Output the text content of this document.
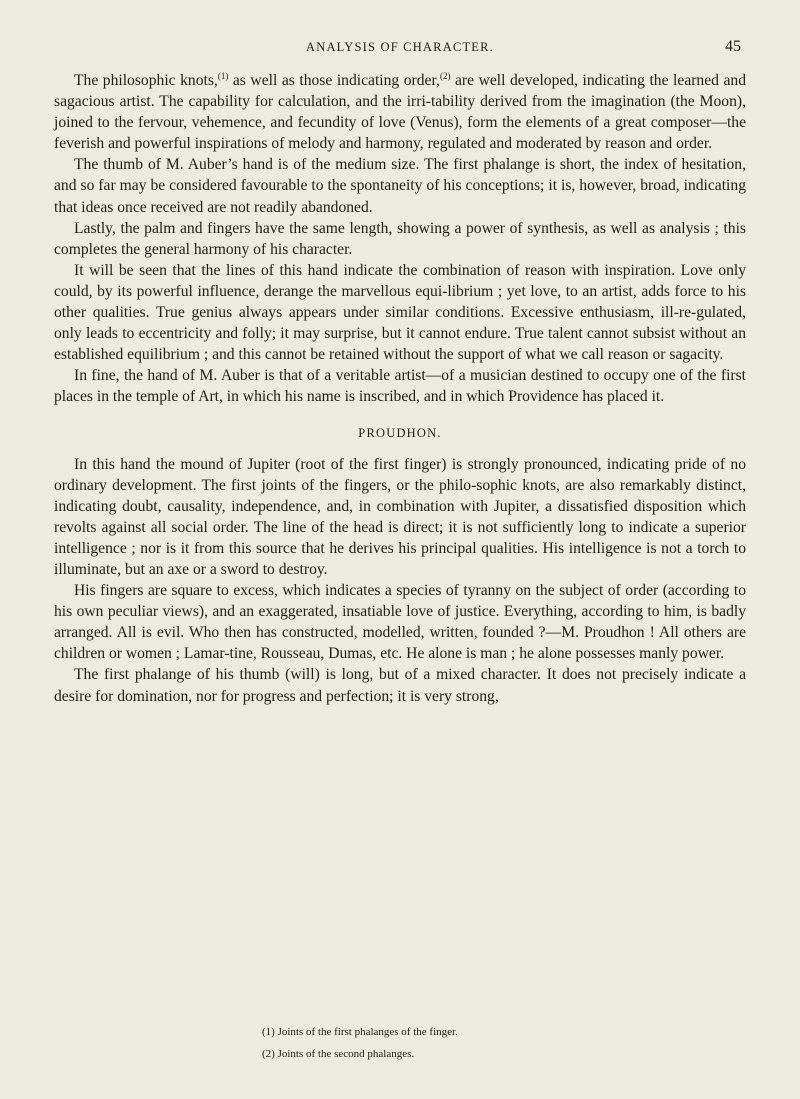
ANALYSIS OF CHARACTER.	45

The philosophic knots,$^{(1)}$ as well as those indicating order,$^{(2)}$ are well developed, indicating the learned and sagacious artist. The capability for calculation, and the irri-tability derived from the imagination (the Moon), joined to the fervour, vehemence, and fecundity of love (Venus), form the elements of a great composer—the feverish and powerful inspirations of melody and harmony, regulated and moderated by reason and order.

The thumb of M. Auber’s hand is of the medium size. The first phalange is short, the index of hesitation, and so far may be considered favourable to the spontaneity of his conceptions; it is, however, broad, indicating that ideas once received are not readily abandoned.

Lastly, the palm and fingers have the same length, showing a power of synthesis, as well as analysis ; this completes the general harmony of his character.

It will be seen that the lines of this hand indicate the combination of reason with inspiration. Love only could, by its powerful influence, derange the marvellous equi-librium ; yet love, to an artist, adds force to his other qualities. True genius always appears under similar conditions. Excessive enthusiasm, ill-re-gulated, only leads to eccentricity and folly; it may surprise, but it cannot endure. True talent cannot subsist without an established equilibrium ; and this cannot be retained without the support of what we call reason or sagacity.

In fine, the hand of M. Auber is that of a veritable artist—of a musician destined to occupy one of the first places in the temple of Art, in which his name is inscribed, and in which Providence has placed it.

PROUDHON.

In this hand the mound of Jupiter (root of the first finger) is strongly pronounced, indicating pride of no ordinary development. The first joints of the fingers, or the philo-sophic knots, are also remarkably distinct, indicating doubt, causality, independence, and, in combination with Jupiter, a dissatisfied disposition which revolts against all social order. The line of the head is direct; it is not sufficiently long to indicate a superior intelligence ; nor is it from this source that he derives his principal qualities. His intelligence is not a torch to illuminate, but an axe or a sword to destroy.

His fingers are square to excess, which indicates a species of tyranny on the subject of order (according to his own peculiar views), and an exaggerated, insatiable love of justice. Everything, according to him, is badly arranged. All is evil. Who then has constructed, modelled, written, founded ?—M. Proudhon ! All others are children or women ; Lamar-tine, Rousseau, Dumas, etc. He alone is man ; he alone possesses manly power.

The first phalange of his thumb (will) is long, but of a mixed character. It does not precisely indicate a desire for domination, nor for progress and perfection; it is very strong,

(1) Joints of the first phalanges of the finger.
(2) Joints of the second phalanges.
